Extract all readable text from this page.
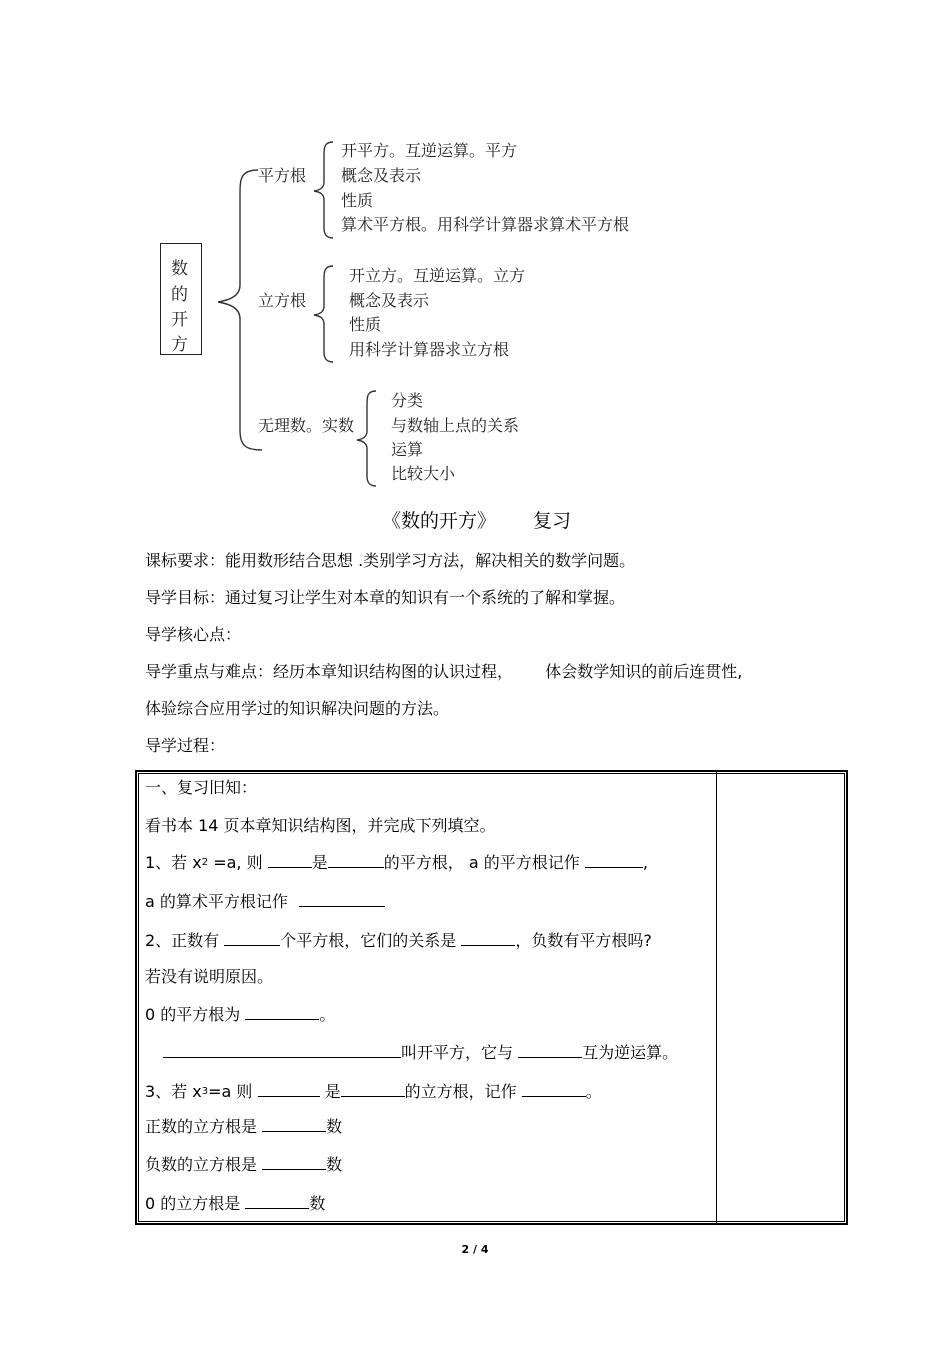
数
的
开
方
平方根
开平方。互逆运算。平方
概念及表示
性质
算术平方根。用科学计算器求算术平方根
立方根
开立方。互逆运算。立方
概念及表示
性质
用科学计算器求立方根
无理数。实数
分类
与数轴上点的关系
运算
比较大小
《数的开方》 复习
课标要求：能用数形结合思想 .类别学习方法，解决相关的数学问题。
导学目标：通过复习让学生对本章的知识有一个系统的了解和掌握。
导学核心点：
导学重点与难点：经历本章知识结构图的认识过程， 体会数学知识的前后连贯性,
体验综合应用学过的知识解决问题的方法。
导学过程：
一、复习旧知：
看书本 14 页本章知识结构图，并完成下列填空。
1、若 $x^2 =a$, 则	是	的平方根， a 的平方根记作	,
a 的算术平方根记作
2、正数有	个平方根，它们的关系是	，负数有平方根吗?
若没有说明原因。
0 的平方根为	。
叫开平方，它与	互为逆运算。
3、若 $x^3=a$ 则	是	的立方根，记作	。
正数的立方根是	数
负数的立方根是	数
0 的立方根是	数
2 / 4
